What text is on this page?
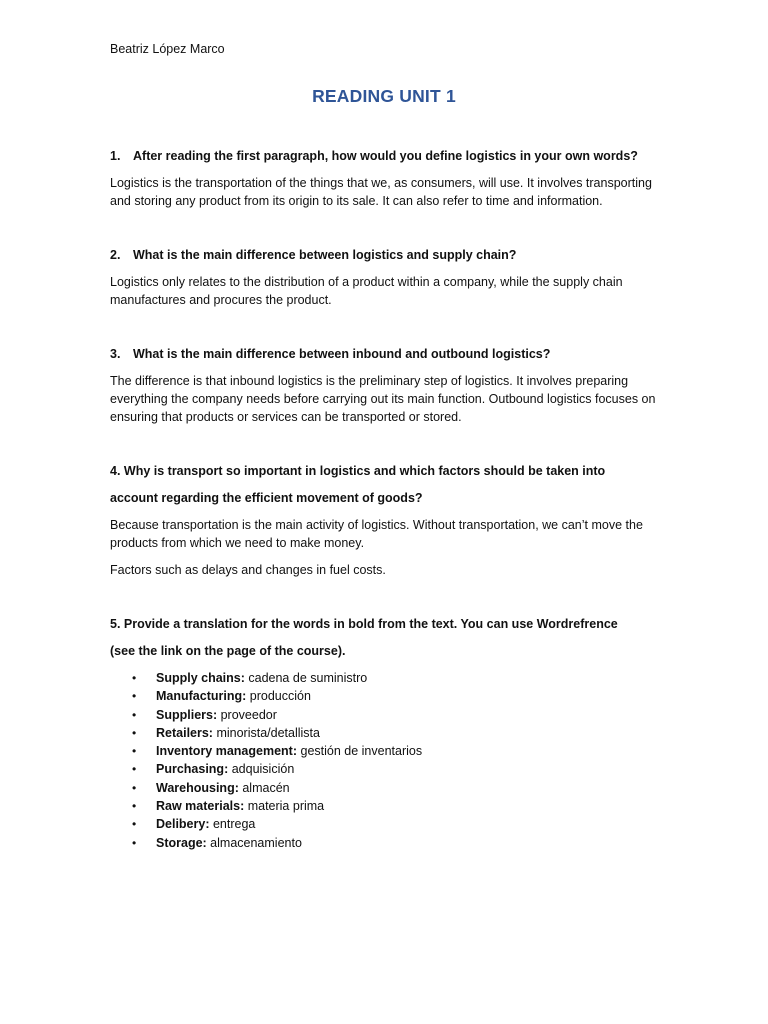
Beatriz López Marco
READING UNIT 1
1. After reading the first paragraph, how would you define logistics in your own words?
Logistics is the transportation of the things that we, as consumers, will use. It involves transporting and storing any product from its origin to its sale. It can also refer to time and information.
2. What is the main difference between logistics and supply chain?
Logistics only relates to the distribution of a product within a company, while the supply chain manufactures and procures the product.
3. What is the main difference between inbound and outbound logistics?
The difference is that inbound logistics is the preliminary step of logistics. It involves preparing everything the company needs before carrying out its main function. Outbound logistics focuses on ensuring that products or services can be transported or stored.
4. Why is transport so important in logistics and which factors should be taken into
account regarding the efficient movement of goods?
Because transportation is the main activity of logistics. Without transportation, we can’t move the products from which we need to make money.
Factors such as delays and changes in fuel costs.
5. Provide a translation for the words in bold from the text. You can use Wordrefrence
(see the link on the page of the course).
• Supply chains: cadena de suministro
• Manufacturing: producción
• Suppliers: proveedor
• Retailers: minorista/detallista
• Inventory management: gestión de inventarios
• Purchasing: adquisición
• Warehousing: almacén
• Raw materials: materia prima
• Delibery: entrega
• Storage: almacenamiento
